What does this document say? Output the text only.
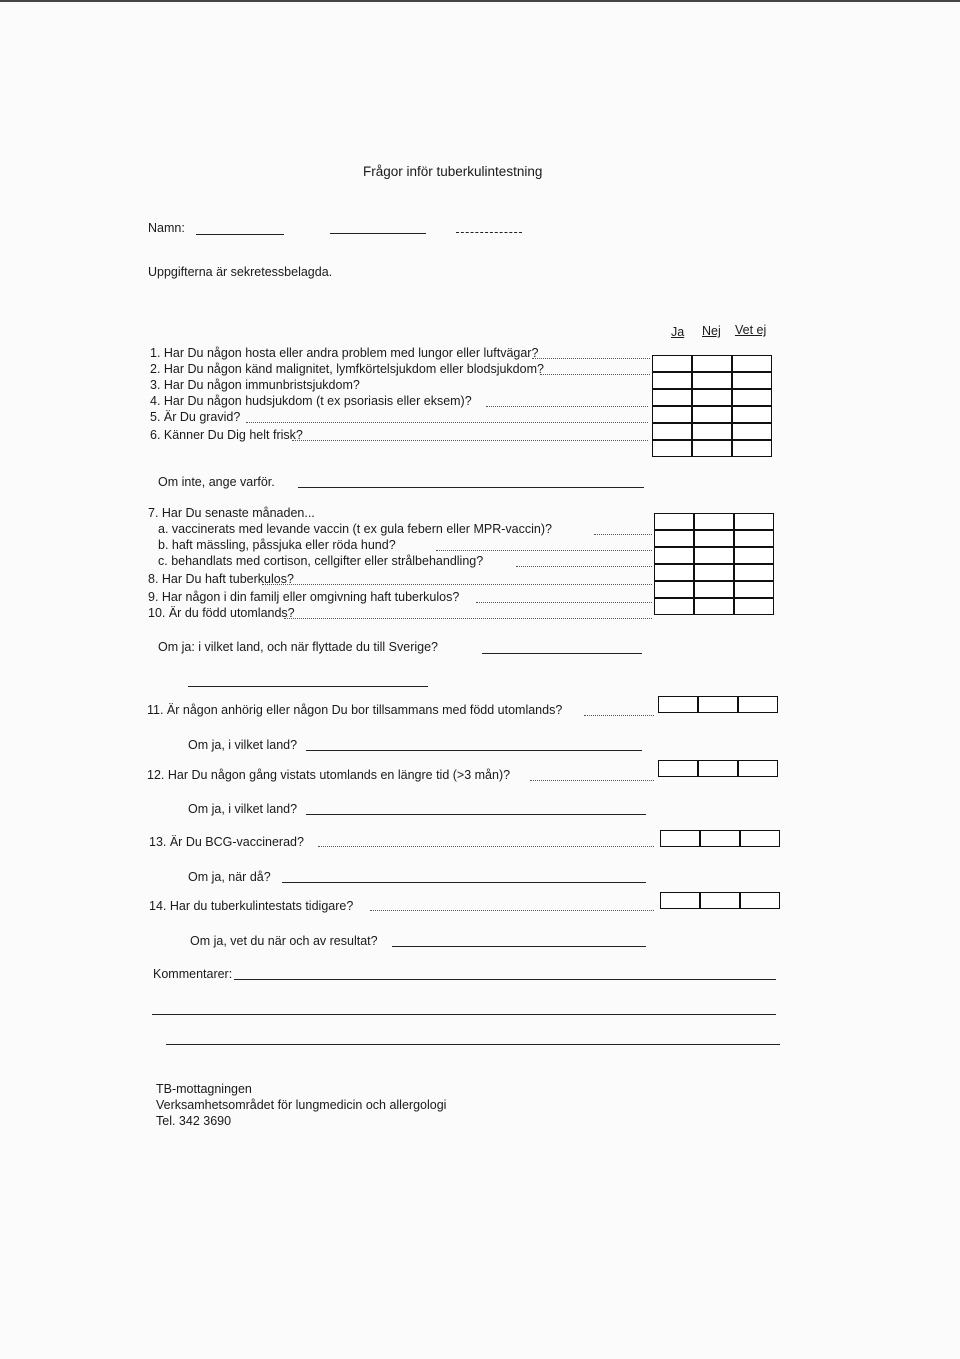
Frågor inför tuberkulintestning
Namn:
Uppgifterna är sekretessbelagda.
Ja Nej Vet ej
1. Har Du någon hosta eller andra problem med lungor eller luftvägar?
2. Har Du någon känd malignitet, lymfkörtelsjukdom eller blodsjukdom?
3. Har Du någon immunbristsjukdom?
4. Har Du någon hudsjukdom (t ex psoriasis eller eksem)?
5. Är Du gravid?
6. Känner Du Dig helt frisk?
Om inte, ange varför.
7. Har Du senaste månaden...
a. vaccinerats med levande vaccin (t ex gula febern eller MPR-vaccin)?
b. haft mässling, påssjuka eller röda hund?
c. behandlats med cortison, cellgifter eller strålbehandling?
8. Har Du haft tuberkulos?
9. Har någon i din familj eller omgivning haft tuberkulos?
10. Är du född utomlands?
Om ja: i vilket land, och när flyttade du till Sverige?
11. Är någon anhörig eller någon Du bor tillsammans med född utomlands?
Om ja, i vilket land?
12. Har Du någon gång vistats utomlands en längre tid (>3 mån)?
Om ja, i vilket land?
13. Är Du BCG-vaccinerad?
Om ja, när då?
14. Har du tuberkulintestats tidigare?
Om ja, vet du när och av resultat?
Kommentarer:
TB-mottagningen
Verksamhetsområdet för lungmedicin och allergologi
Tel. 342 3690
